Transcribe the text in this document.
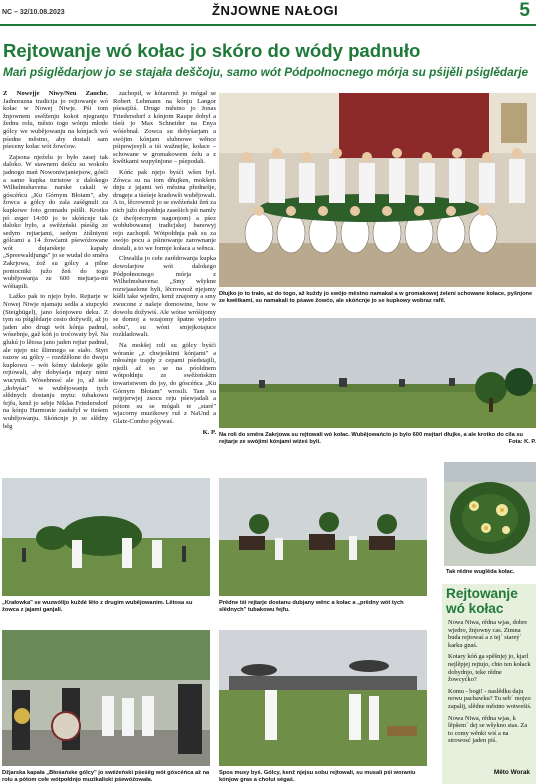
NC – 32/10.08.2023	ŽNJOWNE NAŁOGI	5
Rejtowanje wó kołac jo skóro do wódy padnuło
Mań pśiglědarjow jo se stajała deščoju, samo wót Pódpołnocnego mórja su pśijěli pśiglědarje

Z Nowejje Niwy/Neu Zauche. Jadnorazna tradicija jo rejtowanje wó kołac w Nowej Niwje. Pśi tom žnjownem swěženju kokot njegranjo žednu rolu, město togo wónju młode gólcy we wubějowanju na kónjach wó pśedne městno, aby dostali sam pśeceny kołac wót žowćow.

Zajsona njeźelu jo było zasej tak daloko. W stawnem dešću su wokoło jadnogo mań Nowoniwjaniejsow, gósći a samo kupka turistow z dalokego Wilhelmshavena narske cakali w góscéńcu „Ku Górnym Błotam", aby žowca a gólcy do zala zaśěgnuli za kupkowe foto gromadu pśišli. Krotko pó zeger 14:00 jo to skóńcnje tak daloko było, a swěźeński pśeśěg ze sedym rejtarjami, sedym źiślniymi gólcami a 14 žowćami pśewóźowane wót dujarskeje kapały „Spreewaldjungs" jo se wudał do směra Zakrjowa, źož su gólcy a pilne pomocniki južo žeń do togo wubějowanja ze 600 mejtarja-mi wóštapili.

Lažko pak to njejo było. Rejtarje w Nowej Niwje njamaju sedła a stupcyki (Steigbügel), jano kónjoweu deku. Z tym su pśiglědarje cesto dožywili, až jo jaden abo drugi wót kónja padnuł, wósebnje, gaž kóń jo troćowaty był. Na glukú jo lětosa jano jaden rejtar padnuł, ale njejo nic šlimnego se stało. Styri razow su gólcy – rozdźělone do dweju kupkowu – wót kómy dalokeje góle rejtowali, aby dobyśarja mjazy nimi wucynili. Wósebnosć ale jo, až tele „dobyśar" w wubějowanju tych slědnych dostanju mytu: tubakowu fejfu, kenž jo sebje Niklas Friedersdorf na kónju Harmonie zasłužył w tieśem wubějowanju. Skóńcnje jo se slědny běg

zachopił, w kótaremž jo mógał se Robert Lehmann na kónju Langor pśesajźiś. Druge městno jo Jonas Friedersdorf z kónjom Raupe dobył a tśeśi jo Max Schneider na Enya wóśebnał. Zowca su dobyśarjam a swójim kónjam slubnowe wěnce pśipowjesyli a tśi wažnejše, kołace – schowane w gromakowem źelu a z kwětkami wupyšnjone – pśepodali.

Kóńc pak njejo byśći wšen był. Zówca su na tom dňujken, mokšem dnju z jajami wó městna přednešje, drugeje a tśeśeje kradowši wubějowali. A to, lěcrownož jo se swěźeński žeń za nich južo dopołdnja zasešich pśi namly (z dwójorcnym nagonjom) a pśez wobłubowanej tradicjskej banowyj rejo zachopił. Wótpołdnja pak su za swójo pocu a pśinowanje zarownanje dostali, a to we formje kołaca a wěnca.

Chwalila jo cełe zarědowanja kupka dowolarjow wót dalokego Pódpołnocnego mórja z Wilhelmshavena: „Smy wšykne rozwjaselone byli, lěcrownož njejsmy kśěli take wjedro, kenž znajomy a smy zwucone z našeje domowine, how w dowolu dožywiś. Ale wótse wróśijomy se domoj a wzajomy špatne wjedro sobu", su wóni smjejkotajuce rozkładowali.

Na mokšej roli su gólcy byśći wóraníe „z chwjeśkimi kónjami" a młosénje trajdy z cepami pśedstajili, njeźli až so se na póoldnem wótpołdnju ze swěźeńskim towaristwom do jsy, do góscéńca „Ku Górnym Błotam" wrosili. Tam su nejpjerwjej zsocu reju pśewjadali a pótom su se mógali te „staré" wjacorny muzikowy ruš z NaUnd a Glatz-Combo pójywaś.

K. P.
Dłujko jo to trało, aż do togo, až kuždy jo swójo městno namakał a w gromakowej źelení schowane kołace, pyšnjone ze kwětkami, su namakali to pśawe žowćo, ale skóńcnje jo se kupkowy wobraz rafil.
Na roli do směra Zakrjowa su rejtowali wó kołac. Wubějowańcio jo bylo 600 mejtari dłujke, a ale krotko do cila su rejtarje ze swójimi kónjami wiźeś byli.	Fota: K. P.
Tak rědne wuglěda kołac.
„Krałowka" se wuzwólijo kuždé lěto z drugim wubějowanim. Lětosa su žowca z jajami ganjali.
Prědne tśi rejtarje dostanu dubjany wěnc a kołac a „prědny wót tych slědnych" tubakowu fejfu.
Džjarska kapała „Błośańske gólcy" jo swěźeński pśeśěg wót góscéńca až na rolu a pótom cełe wótpołdnjo muzikaliski pśewóźowała.
Spos musy byś. Gólcy, kenž njejsu sobu rejtowali, su musali pśi woraniu kónjow gras a cholui ségaś.
Rejtowanje
wó kołac

Nowa Niwa, rědna wjas, dobre wjedro, žnjowny cas. Zimna buda rejtowaś a z tej´ stareý´ karku gnaś.

Kotary kóń ga spěšnjej jo, kjarl nejlěpjej rejtujo, chto ten kołack dobydnjo, teke rědne žowcyćko?

Komu - bogi! - naslědku daju nowu pachawku? Tu seb´ mojzo zapalij, slědne městno wotwešiś.

Nowa Niwa, rědna wjas, k lěpšem´ dej se wšykno stas. Za to comy wěnki wiś a na strowosć jaden piś.

Měto Worak
